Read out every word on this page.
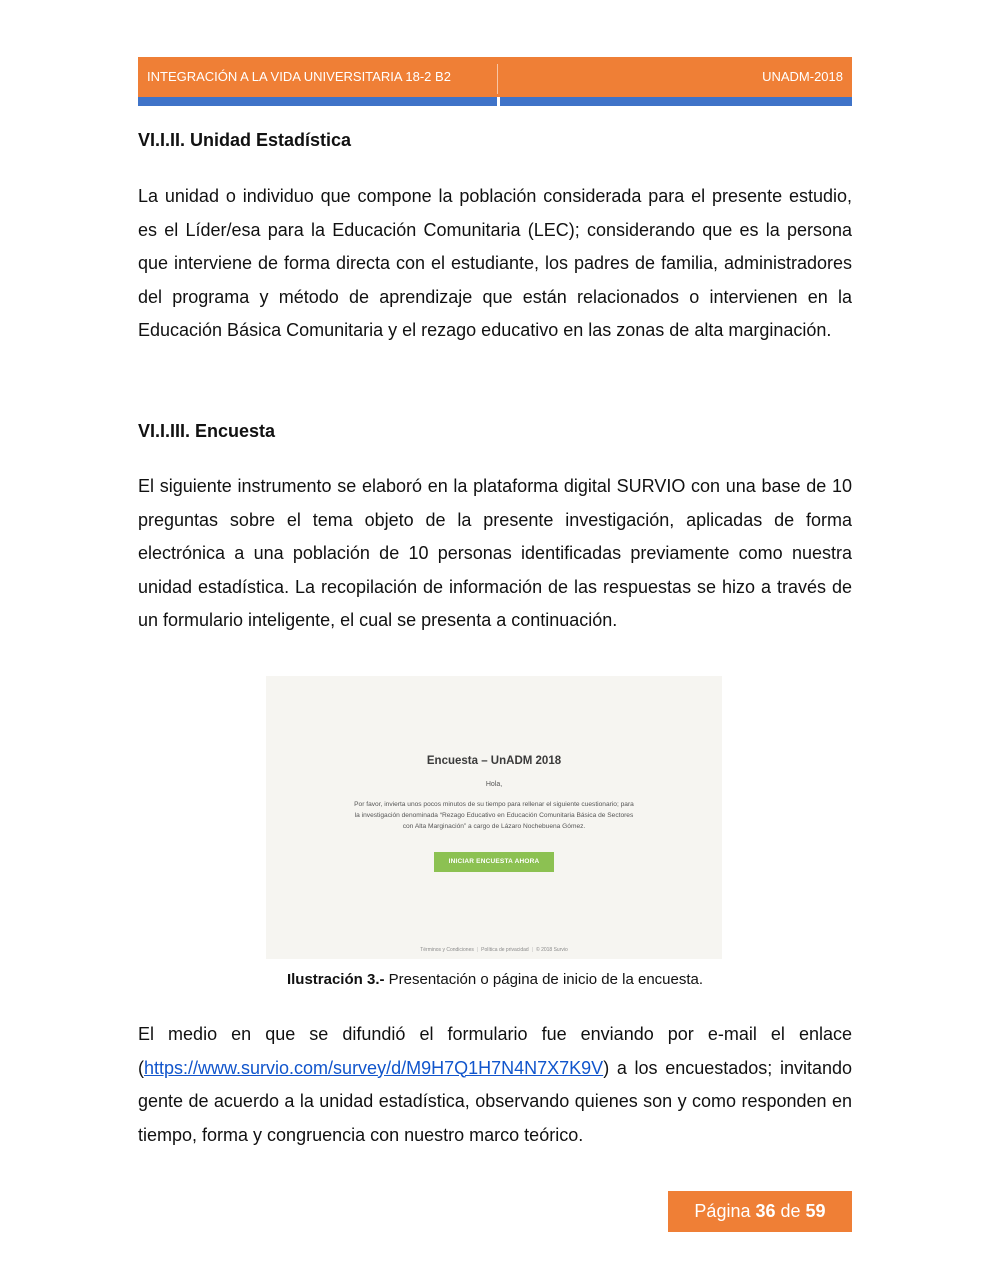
INTEGRACIÓN A LA VIDA UNIVERSITARIA 18-2 B2	UNADM-2018
VI.I.II. Unidad Estadística

La unidad o individuo que compone la población considerada para el presente estudio, es el Líder/esa para la Educación Comunitaria (LEC); considerando que es la persona que interviene de forma directa con el estudiante, los padres de familia, administradores del programa y método de aprendizaje que están relacionados o intervienen en la Educación Básica Comunitaria y el rezago educativo en las zonas de alta marginación.

VI.I.III. Encuesta

El siguiente instrumento se elaboró en la plataforma digital SURVIO con una base de 10 preguntas sobre el tema objeto de la presente investigación, aplicadas de forma electrónica a una población de 10 personas identificadas previamente como nuestra unidad estadística. La recopilación de información de las respuestas se hizo a través de un formulario inteligente, el cual se presenta a continuación.

El medio en que se difundió el formulario fue enviando por e-mail el enlace (https://www.survio.com/survey/d/M9H7Q1H7N4N7X7K9V) a los encuestados; invitando gente de acuerdo a la unidad estadística, observando quienes son y como responden en tiempo, forma y congruencia con nuestro marco teórico.

Encuesta – UnADM 2018
Hola,
Por favor, invierta unos pocos minutos de su tiempo para rellenar el siguiente cuestionario; para la investigación denominada “Rezago Educativo en Educación Comunitaria Básica de Sectores con Alta Marginación” a cargo de Lázaro Nochebuena Gómez.
INICIAR ENCUESTA AHORA
Términos y Condiciones | Política de privacidad | © 2018 Survio
Ilustración 3.- Presentación o página de inicio de la encuesta.
Página 36 de 59
